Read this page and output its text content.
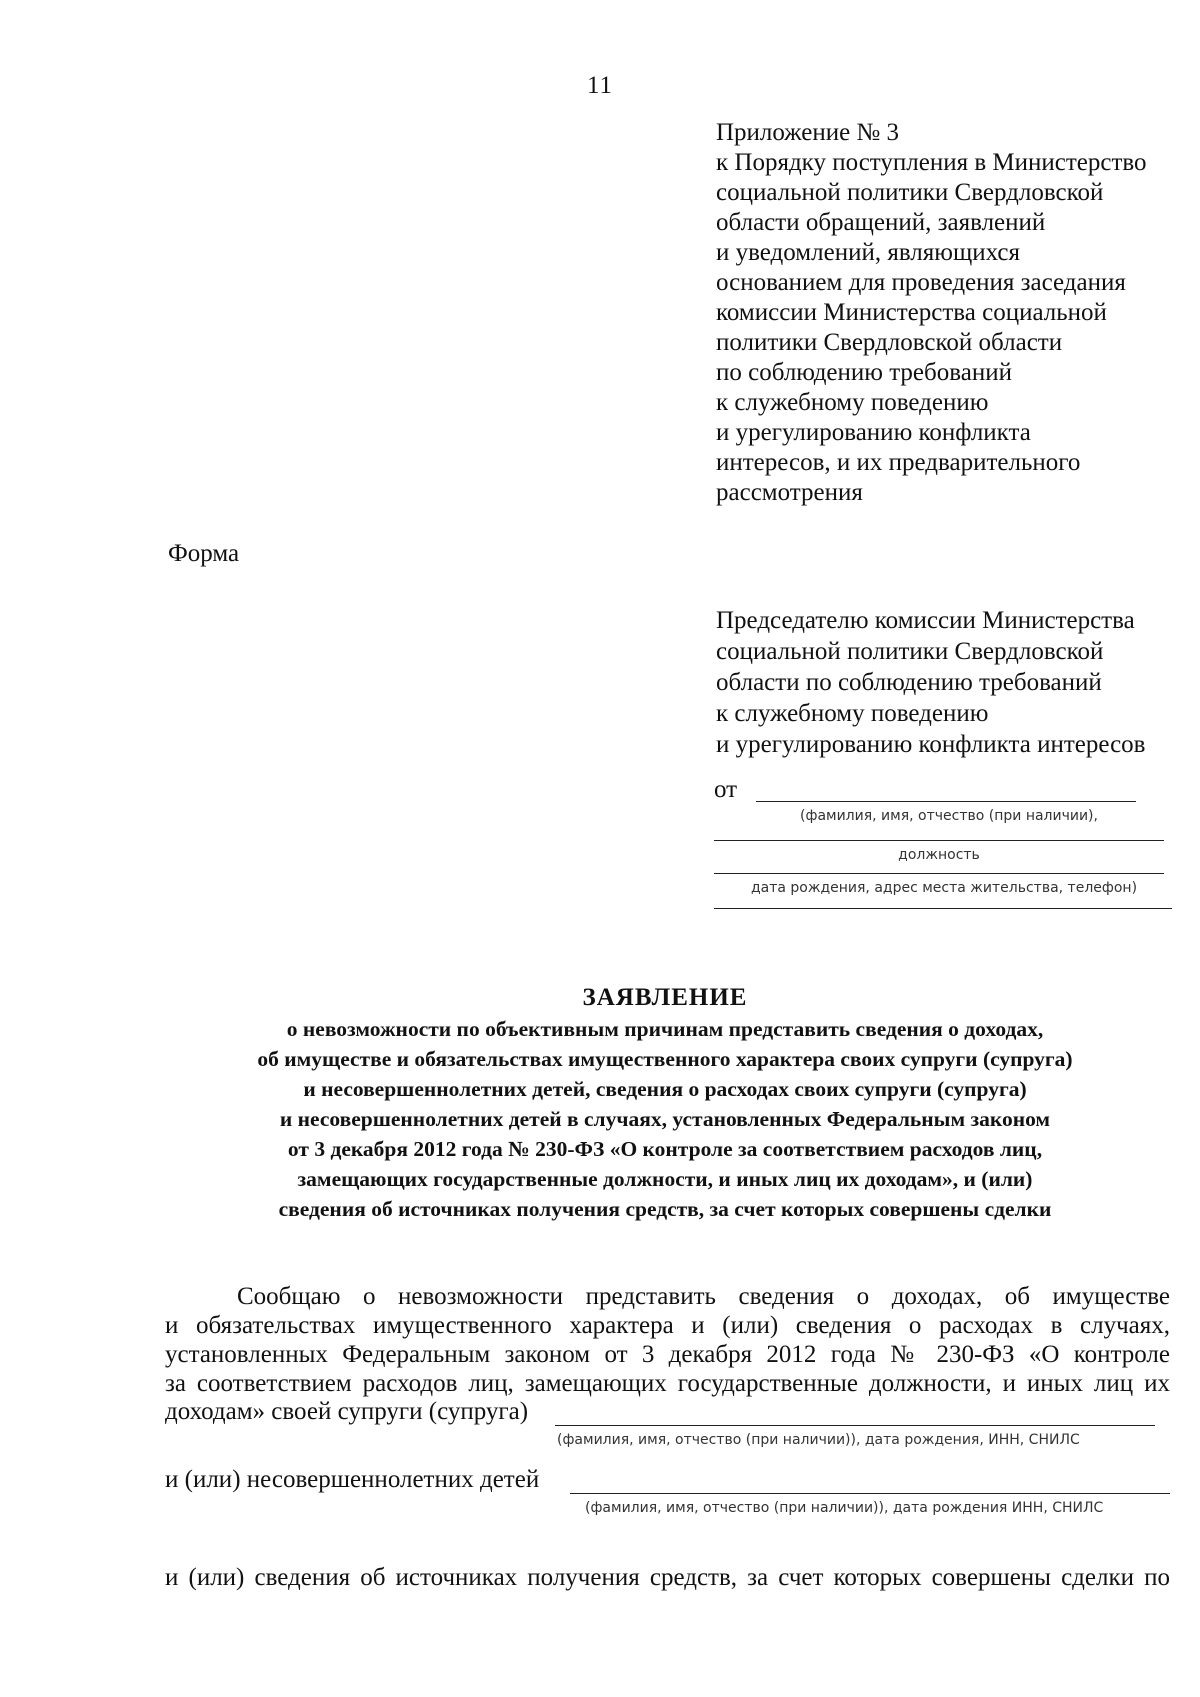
11
Приложение № 3
к Порядку поступления в Министерство
социальной политики Свердловской
области обращений, заявлений
и уведомлений, являющихся
основанием для проведения заседания
комиссии Министерства социальной
политики Свердловской области
по соблюдению требований
к служебному поведению
и урегулированию конфликта
интересов, и их предварительного
рассмотрения
Форма
Председателю комиссии Министерства
социальной политики Свердловской
области по соблюдению требований
к служебному поведению
и урегулированию конфликта интересов
от
(фамилия, имя, отчество (при наличии),
должность
дата рождения, адрес места жительства, телефон)
ЗАЯВЛЕНИЕ
о невозможности по объективным причинам представить сведения о доходах,
об имуществе и обязательствах имущественного характера своих супруги (супруга)
и несовершеннолетних детей, сведения о расходах своих супруги (супруга)
и несовершеннолетних детей в случаях, установленных Федеральным законом
от 3 декабря 2012 года № 230-ФЗ «О контроле за соответствием расходов лиц,
замещающих государственные должности, и иных лиц их доходам», и (или)
сведения об источниках получения средств, за счет которых совершены сделки
Сообщаю о невозможности представить сведения о доходах, об имуществе
и обязательствах имущественного характера и (или) сведения о расходах в случаях,
установленных Федеральным законом от 3 декабря 2012 года № 230-ФЗ «О контроле
за соответствием расходов лиц, замещающих государственные должности, и иных лиц их
доходам» своей супруги (супруга)
(фамилия, имя, отчество (при наличии)), дата рождения, ИНН, СНИЛС
и (или) несовершеннолетних детей
(фамилия, имя, отчество (при наличии)), дата рождения ИНН, СНИЛС
и (или) сведения об источниках получения средств, за счет которых совершены сделки по
